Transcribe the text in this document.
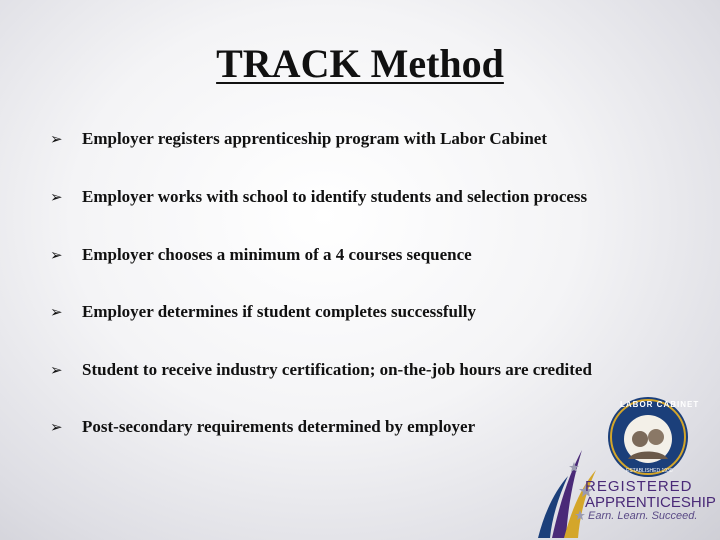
TRACK Method
➢	Employer registers apprenticeship program with Labor Cabinet
➢	Employer works with school to identify students and selection process
➢	Employer chooses a minimum of a 4 courses sequence
➢	Employer determines if student completes successfully
➢	Student to receive industry certification; on-the-job hours are credited
➢	Post-secondary requirements determined by employer
LABOR CABINET
ESTABLISHED 1938
REGISTERED
APPRENTICESHIP
Earn. Learn. Succeed.
